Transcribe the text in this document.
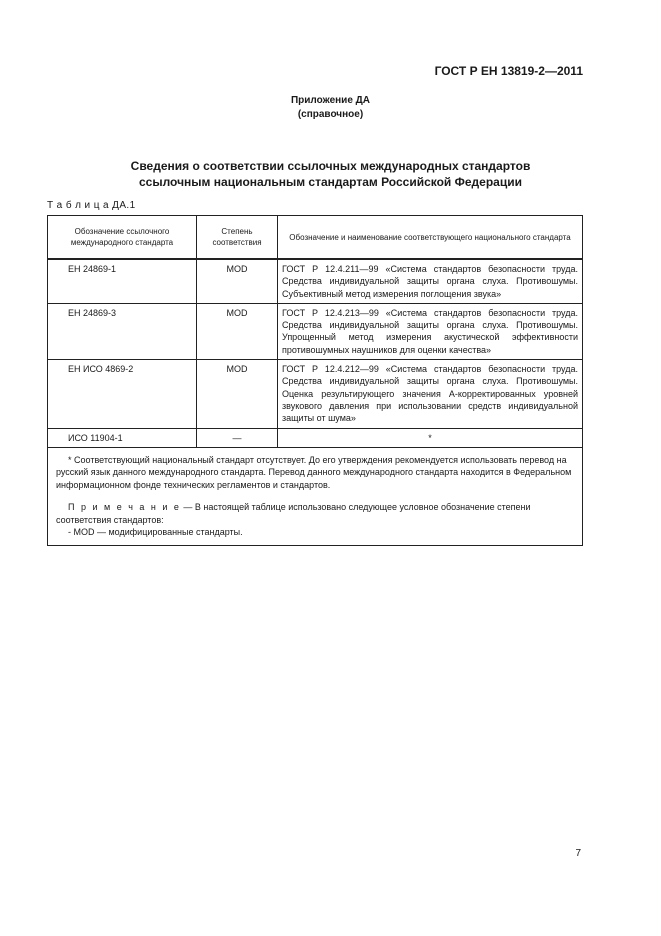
ГОСТ Р ЕН 13819-2—2011
Приложение ДА
(справочное)
Сведения о соответствии ссылочных международных стандартов
ссылочным национальным стандартам Российской Федерации
Т а б л и ц а ДА.1
Обозначение ссылочного международного стандарта	Степень соответствия	Обозначение и наименование соответствующего национального стандарта
ЕН 24869-1	MOD	ГОСТ Р 12.4.211—99 «Система стандартов безопасности труда. Средства индивидуальной защиты органа слуха. Противошумы. Субъективный метод измерения поглощения звука»
ЕН 24869-3	MOD	ГОСТ Р 12.4.213—99 «Система стандартов безопасности труда. Средства индивидуальной защиты органа слуха. Противошумы. Упрощенный метод измерения акустической эффективности противошумных наушников для оценки качества»
ЕН ИСО 4869-2	MOD	ГОСТ Р 12.4.212—99 «Система стандартов безопасности труда. Средства индивидуальной защиты органа слуха. Противошумы. Оценка результирующего значения A-корректированных уровней звукового давления при использовании средств индивидуальной защиты от шума»
ИСО 11904-1	—	*

* Соответствующий национальный стандарт отсутствует. До его утверждения рекомендуется использовать перевод на русский язык данного международного стандарта. Перевод данного международного стандарта находится в Федеральном информационном фонде технических регламентов и стандартов.
П р и м е ч а н и е — В настоящей таблице использовано следующее условное обозначение степени соответствия стандартов:
- MOD — модифицированные стандарты.		
7
